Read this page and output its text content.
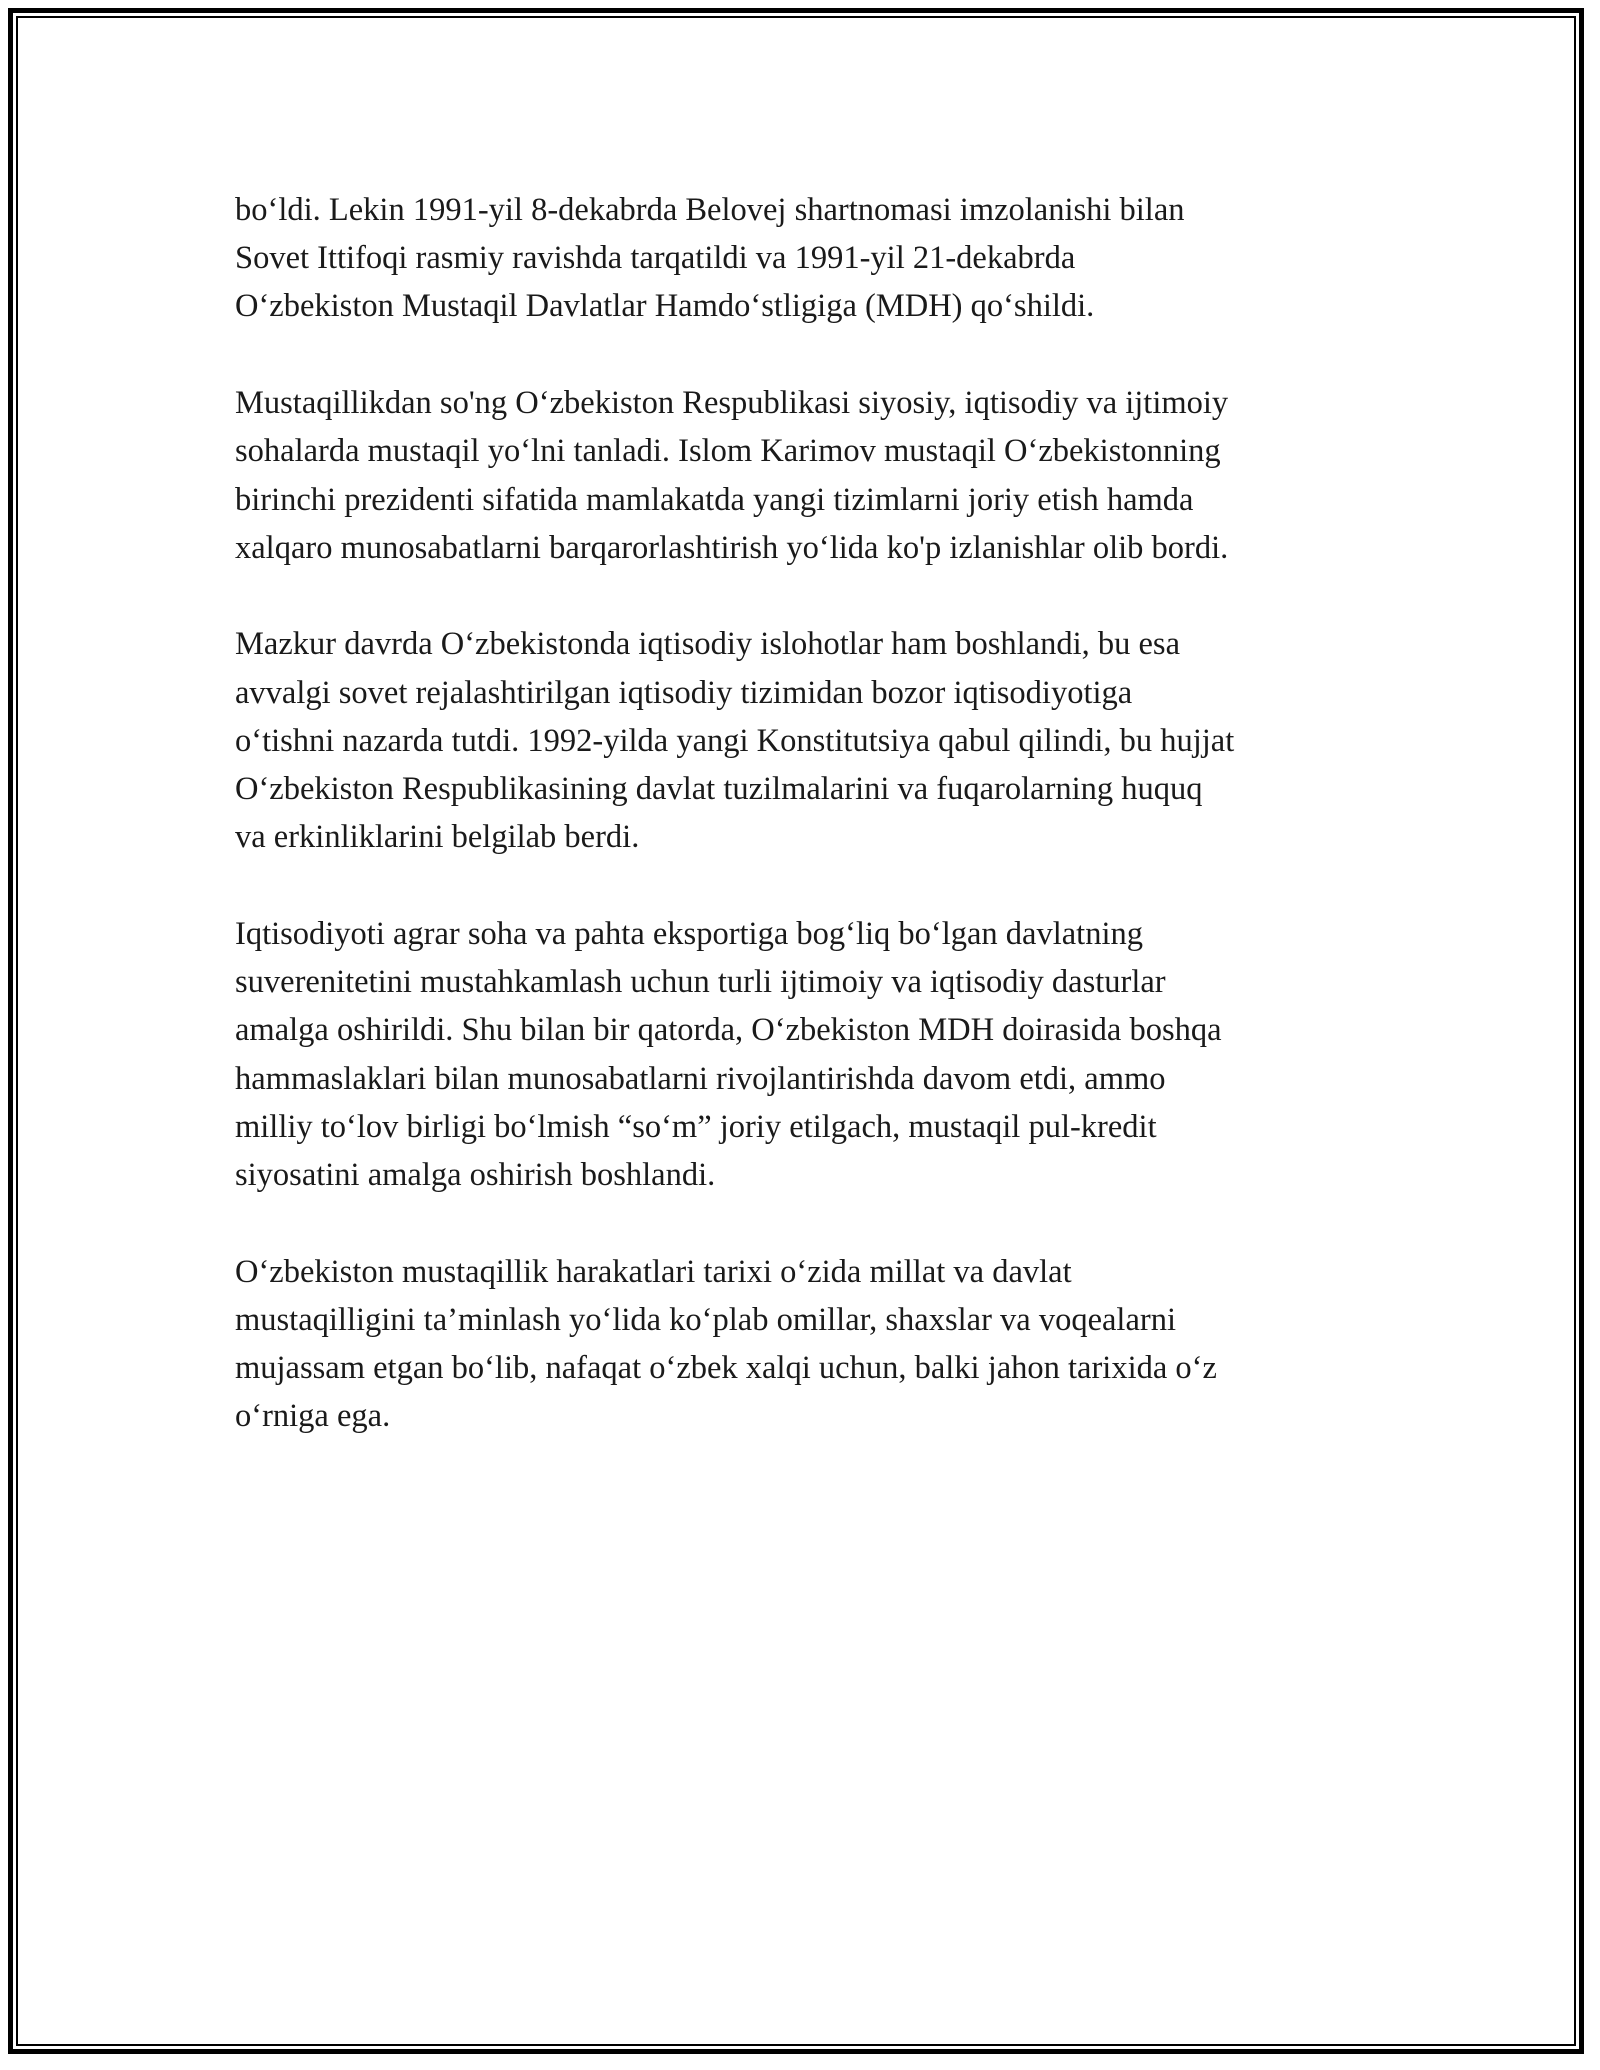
bo‘ldi. Lekin 1991-yil 8-dekabrda Belovej shartnomasi imzolanishi bilan
Sovet Ittifoqi rasmiy ravishda tarqatildi va 1991-yil 21-dekabrda
O‘zbekiston Mustaqil Davlatlar Hamdo‘stligiga (MDH) qo‘shildi.

Mustaqillikdan so'ng O‘zbekiston Respublikasi siyosiy, iqtisodiy va ijtimoiy
sohalarda mustaqil yo‘lni tanladi. Islom Karimov mustaqil O‘zbekistonning
birinchi prezidenti sifatida mamlakatda yangi tizimlarni joriy etish hamda
xalqaro munosabatlarni barqarorlashtirish yo‘lida ko'p izlanishlar olib bordi.

Mazkur davrda O‘zbekistonda iqtisodiy islohotlar ham boshlandi, bu esa
avvalgi sovet rejalashtirilgan iqtisodiy tizimidan bozor iqtisodiyotiga
o‘tishni nazarda tutdi. 1992-yilda yangi Konstitutsiya qabul qilindi, bu hujjat
O‘zbekiston Respublikasining davlat tuzilmalarini va fuqarolarning huquq
va erkinliklarini belgilab berdi.

Iqtisodiyoti agrar soha va pahta eksportiga bog‘liq bo‘lgan davlatning
suverenitetini mustahkamlash uchun turli ijtimoiy va iqtisodiy dasturlar
amalga oshirildi. Shu bilan bir qatorda, O‘zbekiston MDH doirasida boshqa
hammaslaklari bilan munosabatlarni rivojlantirishda davom etdi, ammo
milliy to‘lov birligi bo‘lmish “so‘m” joriy etilgach, mustaqil pul-kredit
siyosatini amalga oshirish boshlandi.

O‘zbekiston mustaqillik harakatlari tarixi o‘zida millat va davlat
mustaqilligini ta’minlash yo‘lida ko‘plab omillar, shaxslar va voqealarni
mujassam etgan bo‘lib, nafaqat o‘zbek xalqi uchun, balki jahon tarixida o‘z
o‘rniga ega.
